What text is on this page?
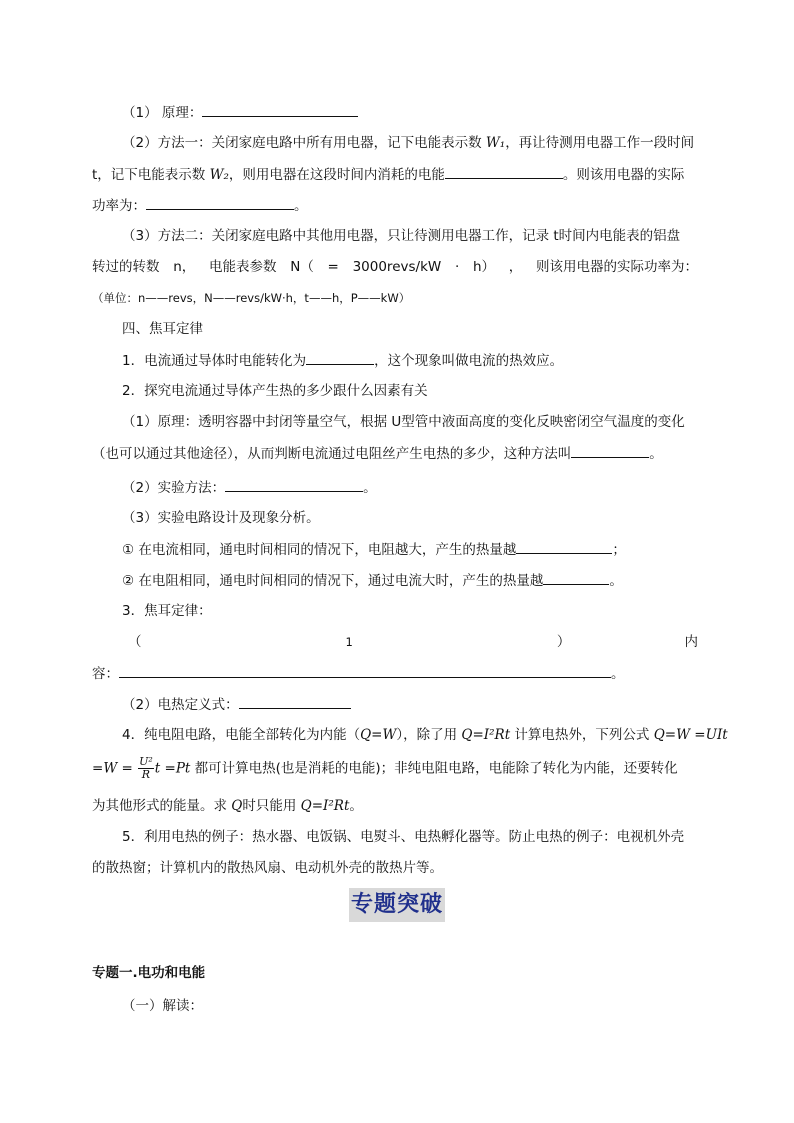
（1） 原理：
（2）方法一：关闭家庭电路中所有用电器，记下电能表示数 W₁，再让待测用电器工作一段时间
t，记下电能表示数 W₂，则用电器在这段时间内消耗的电能	。则该用电器的实际
功率为：	。
（3）方法二：关闭家庭电路中其他用电器，只让待测用电器工作，记录 t时间内电能表的铝盘
转过的转数 n， 电能表参数 N（ = 3000revs/kW · h） ， 则该用电器的实际功率为：
（单位：n——revs，N——revs/kW·h，t——h，P——kW）
四、焦耳定律
1．电流通过导体时电能转化为	，这个现象叫做电流的热效应。
2．探究电流通过导体产生热的多少跟什么因素有关
（1）原理：透明容器中封闭等量空气，根据 U型管中液面高度的变化反映密闭空气温度的变化
（也可以通过其他途径），从而判断电流通过电阻丝产生电热的多少，这种方法叫	。
（2）实验方法：	。
（3）实验电路设计及现象分析。
① 在电流相同，通电时间相同的情况下，电阻越大，产生的热量越	；
② 在电阻相同，通电时间相同的情况下，通过电流大时，产生的热量越	。
3．焦耳定律：
（	1	）	内
容：	。
（2）电热定义式：
4．纯电阻电路，电能全部转化为内能（Q=W），除了用 Q=I²Rt 计算电热外，下列公式 Q=W =UIt
$=W = \frac{\text{U²}}{R}$ t =Pt 都可计算电热(也是消耗的电能)；非纯电阻电路，电能除了转化为内能，还要转化
为其他形式的能量。求 Q时只能用 Q=I²Rt。
5．利用电热的例子：热水器、电饭锅、电熨斗、电热孵化器等。防止电热的例子：电视机外壳
的散热窗；计算机内的散热风扇、电动机外壳的散热片等。
专题突破
专题一.电功和电能
（一）解读：
